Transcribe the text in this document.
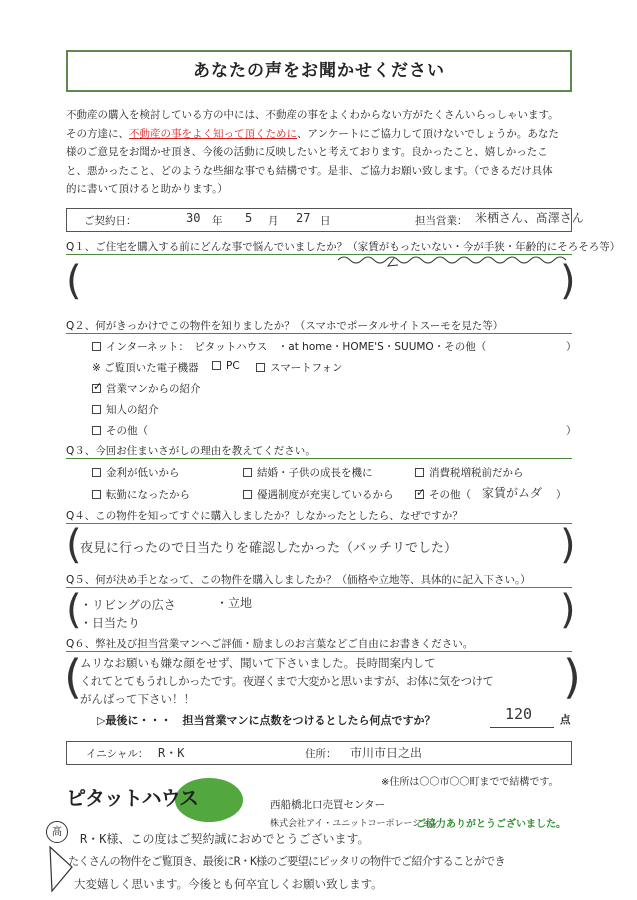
あなたの声をお聞かせください
不動産の購入を検討している方の中には、不動産の事をよくわからない方がたくさんいらっしゃいます。
その方達に、不動産の事をよく知って頂くために、アンケートにご協力して頂けないでしょうか。あなた
様のご意見をお聞かせ頂き、今後の活動に反映したいと考えております。良かったこと、嬉しかったこ
と、悪かったこと、どのような些細な事でも結構です。是非、ご協力お願い致します。（できるだけ具体
的に書いて頂けると助かります。）
ご契約日：	30 年 5 月 27 日	担当営業： 米栖さん、髙澤さん
Q１、ご住宅を購入する前にどんな事で悩んでいましたか？（家賃がもったいない・今が手狭・年齢的にそろそろ等）
(	)
Q２、何がきっかけでこの物件を知りましたか？（スマホでポータルサイトスーモを見た等）
インターネット：　ピタットハウス　・at home・HOME'S・SUUMO・その他（	）
※ ご覧頂いた電子機器	PC	スマートフォン
✓ 営業マンからの紹介
知人の紹介
その他（	）
Q３、今回お住まいさがしの理由を教えてください。
金利が低いから	結婚・子供の成長を機に	消費税増税前だから
転勤になったから	優遇制度が充実しているから ✓ その他（ 家賃がムダ ）
Q４、この物件を知ってすぐに購入しましたか？しなかったとしたら、なぜですか？
(	)
夜見に行ったので日当たりを確認したかった（バッチリでした）
Q５、何が決め手となって、この物件を購入しましたか？（価格や立地等、具体的に記入下さい。）
(	)
・リビングの広さ	・立地
・日当たり
Q６、弊社及び担当営業マンへご評価・励ましのお言葉などご自由にお書きください。
(	)
ムリなお願いも嫌な顔をせず、聞いて下さいました。長時間案内して
くれてとてもうれしかったです。夜遅くまで大変かと思いますが、お体に気をつけて
がんばって下さい！！
▷最後に・・・　担当営業マンに点数をつけるとしたら何点ですか？	120	点
イニシャル： R・K	住所： 市川市日之出
※住所は〇〇市〇〇町までで結構です。
ピタットハウス	西船橋北口売買センター
株式会社アイ・ユニットコーポレーション
ご協力ありがとうございました。
髙
R・K様、この度はご契約誠におめでとうございます。
たくさんの物件をご覧頂き、最後にR・K様のご要望にピッタリの物件でご紹介することができ
大変嬉しく思います。今後とも何卒宜しくお願い致します。
